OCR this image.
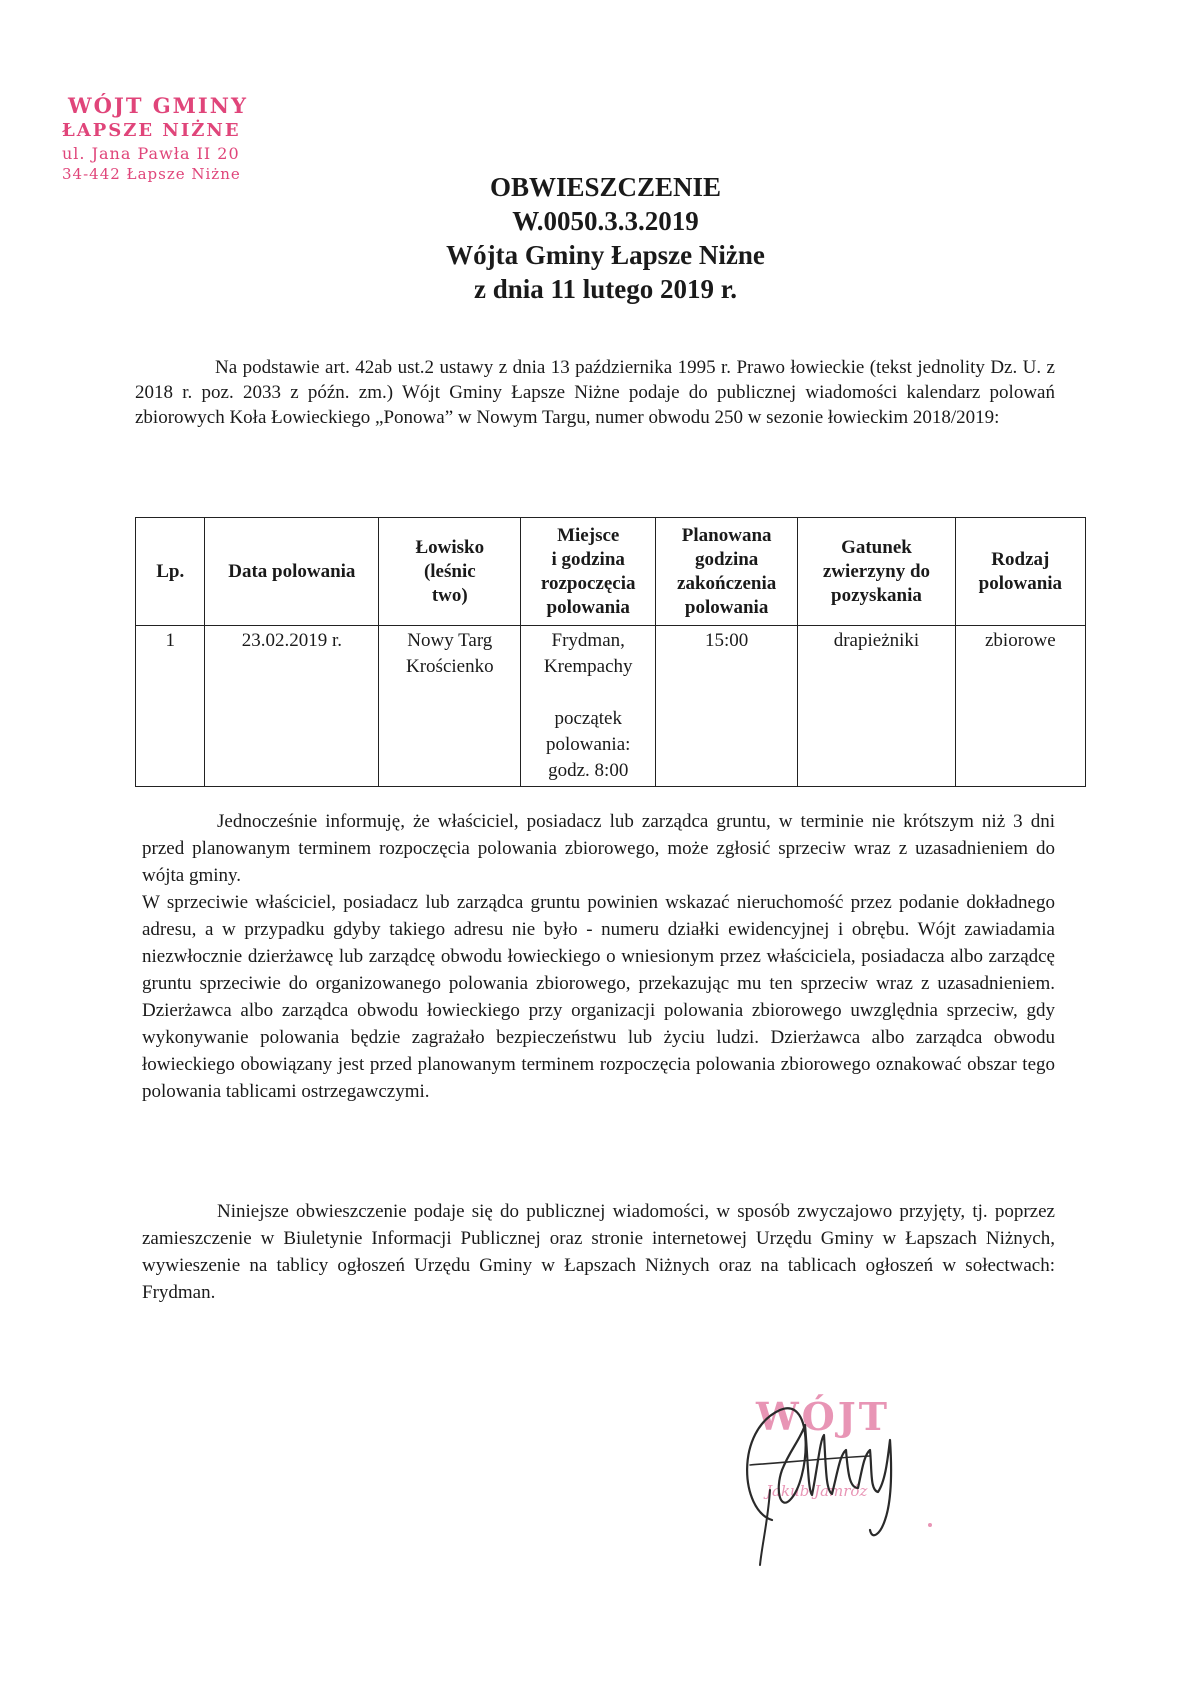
WÓJT GMINY
ŁAPSZE NIŻNE
ul. Jana Pawła II 20
34-442 Łapsze Niżne	OBWIESZCZENIE
W.0050.3.3.2019
Wójta Gminy Łapsze Niżne
z dnia 11 lutego 2019 r.

Na podstawie art. 42ab ust.2 ustawy z dnia 13 października 1995 r. Prawo łowieckie (tekst jednolity Dz. U. z 2018 r. poz. 2033 z późn. zm.) Wójt Gminy Łapsze Niżne podaje do publicznej wiadomości kalendarz polowań zbiorowych Koła Łowieckiego „Ponowa” w Nowym Targu, numer obwodu 250 w sezonie łowieckim 2018/2019:

Lp.	Data polowania	Łowisko
(leśnic
two)	Miejsce
i godzina
rozpoczęcia
polowania	Planowana
godzina
zakończenia
polowania	Gatunek
zwierzyny do
pozyskania	Rodzaj
polowania

1	23.02.2019 r.	Nowy Targ
Krościenko	Frydman,
Krempachy
początek
polowania:
godz. 8:00	15:00	drapieżniki	zbiorowe

Jednocześnie informuję, że właściciel, posiadacz lub zarządca gruntu, w terminie nie krótszym niż 3 dni przed planowanym terminem rozpoczęcia polowania zbiorowego, może zgłosić sprzeciw wraz z uzasadnieniem do wójta gminy.

W sprzeciwie właściciel, posiadacz lub zarządca gruntu powinien wskazać nieruchomość przez podanie dokładnego adresu, a w przypadku gdyby takiego adresu nie było - numeru działki ewidencyjnej i obrębu. Wójt zawiadamia niezwłocznie dzierżawcę lub zarządcę obwodu łowieckiego o wniesionym przez właściciela, posiadacza albo zarządcę gruntu sprzeciwie do organizowanego polowania zbiorowego, przekazując mu ten sprzeciw wraz z uzasadnieniem. Dzierżawca albo zarządca obwodu łowieckiego przy organizacji polowania zbiorowego uwzględnia sprzeciw, gdy wykonywanie polowania będzie zagrażało bezpieczeństwu lub życiu ludzi. Dzierżawca albo zarządca obwodu łowieckiego obowiązany jest przed planowanym terminem rozpoczęcia polowania zbiorowego oznakować obszar tego polowania tablicami ostrzegawczymi.

Niniejsze obwieszczenie podaje się do publicznej wiadomości, w sposób zwyczajowo przyjęty, tj. poprzez zamieszczenie w Biuletynie Informacji Publicznej oraz stronie internetowej Urzędu Gminy w Łapszach Niżnych, wywieszenie na tablicy ogłoszeń Urzędu Gminy w Łapszach Niżnych oraz na tablicach ogłoszeń w sołectwach: Frydman.

WÓJT
Jakub Jamróz
